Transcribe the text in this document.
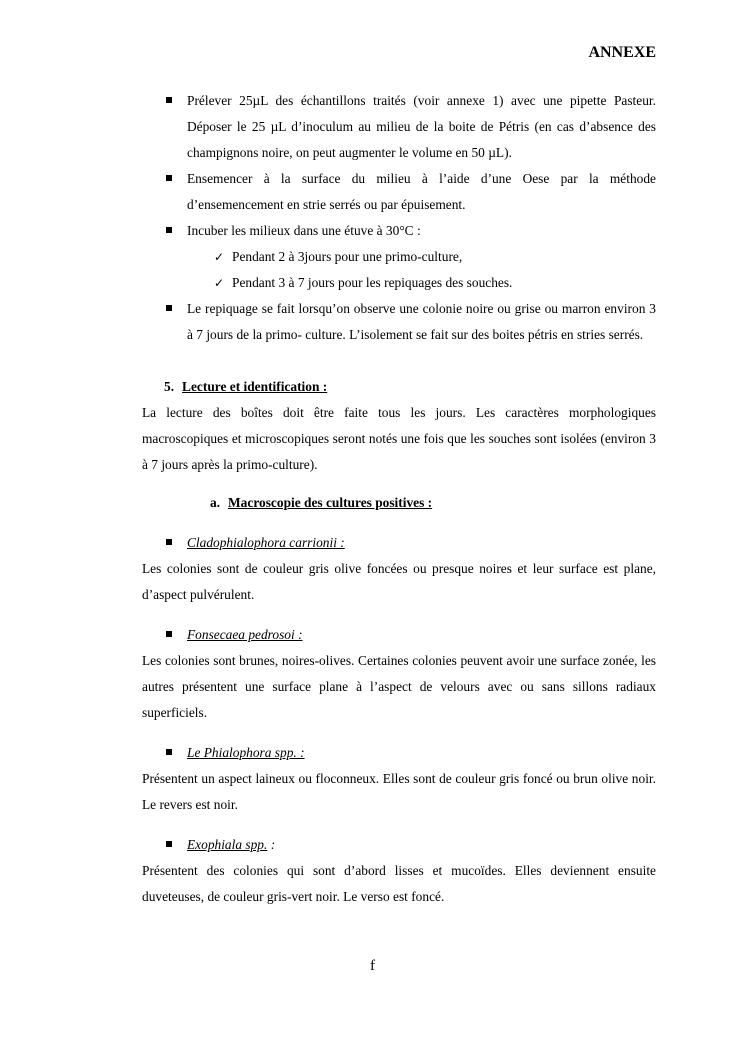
ANNEXE
Prélever 25µL des échantillons traités (voir annexe 1) avec une pipette Pasteur. Déposer le 25 µL d’inoculum au milieu de la boite de Pétris (en cas d’absence des champignons noire, on peut augmenter le volume en 50 µL).
Ensemencer à la surface du milieu à l’aide d’une Oese par la méthode d’ensemencement en strie serrés ou par épuisement.
Incuber les milieux dans une étuve à 30°C :
✓ Pendant 2 à 3jours pour une primo-culture,
✓ Pendant 3 à 7 jours pour les repiquages des souches.
Le repiquage se fait lorsqu’on observe une colonie noire ou grise ou marron environ 3 à 7 jours de la primo- culture. L’isolement se fait sur des boites pétris en stries serrés.
5. Lecture et identification :
La lecture des boîtes doit être faite tous les jours. Les caractères morphologiques macroscopiques et microscopiques seront notés une fois que les souches sont isolées (environ 3 à 7 jours après la primo-culture).
a. Macroscopie des cultures positives :
Cladophialophora carrionii :
Les colonies sont de couleur gris olive foncées ou presque noires et leur surface est plane, d’aspect pulvérulent.
Fonsecaea pedrosoi :
Les colonies sont brunes, noires-olives. Certaines colonies peuvent avoir une surface zonée, les autres présentent une surface plane à l’aspect de velours avec ou sans sillons radiaux superficiels.
Le Phialophora spp. :
Présentent un aspect laineux ou floconneux. Elles sont de couleur gris foncé ou brun olive noir. Le revers est noir.
Exophiala spp. :
Présentent des colonies qui sont d’abord lisses et mucoïdes. Elles deviennent ensuite duveteuses, de couleur gris-vert noir. Le verso est foncé.
f
